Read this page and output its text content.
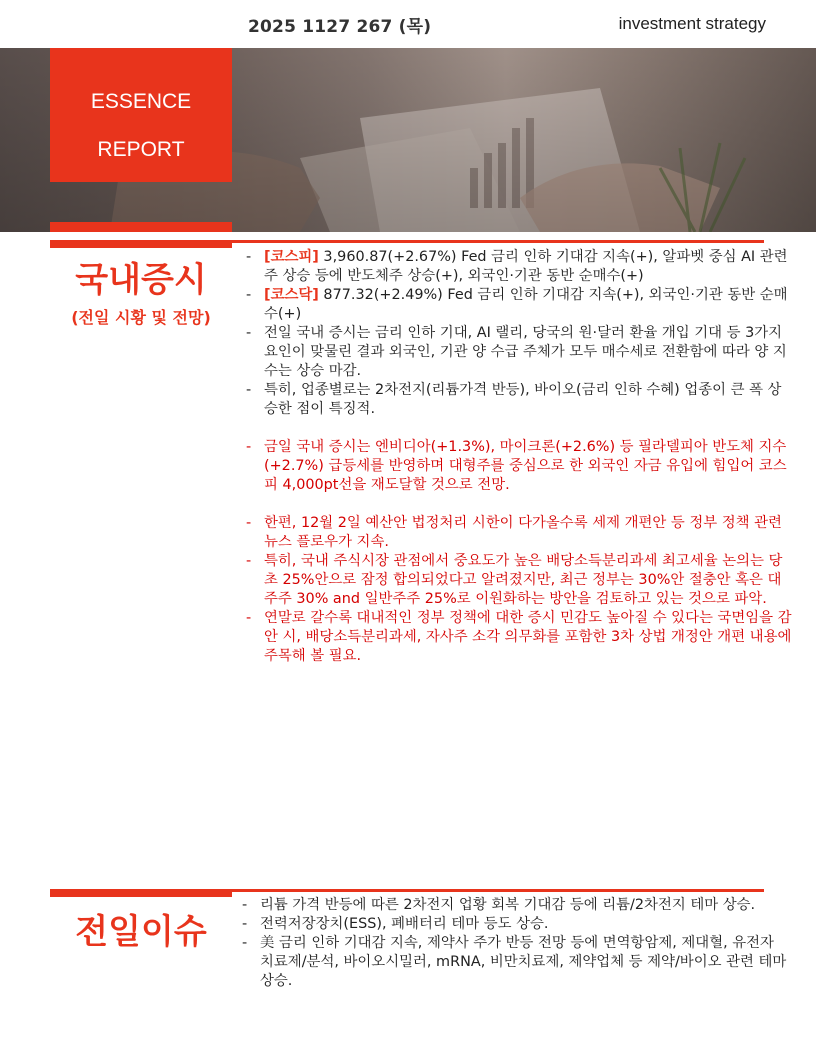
2025 1127 267 (목)	investment strategy
ESSENCE
REPORT
국내증시
(전일 시황 및 전망)
- [코스피] 3,960.87(+2.67%) Fed 금리 인하 기대감 지속(+), 알파벳 중심 AI 관련주 상승 등에 반도체주 상승(+), 외국인·기관 동반 순매수(+)
- [코스닥] 877.32(+2.49%) Fed 금리 인하 기대감 지속(+), 외국인·기관 동반 순매수(+)
- 전일 국내 증시는 금리 인하 기대, AI 랠리, 당국의 원·달러 환율 개입 기대 등 3가지 요인이 맞물린 결과 외국인, 기관 양 수급 주체가 모두 매수세로 전환함에 따라 양 지수는 상승 마감.
- 특히, 업종별로는 2차전지(리튬가격 반등), 바이오(금리 인하 수혜) 업종이 큰 폭 상승한 점이 특징적.
- 금일 국내 증시는 엔비디아(+1.3%), 마이크론(+2.6%) 등 필라델피아 반도체 지수(+2.7%) 급등세를 반영하며 대형주를 중심으로 한 외국인 자금 유입에 힘입어 코스피 4,000pt선을 재도달할 것으로 전망.
- 한편, 12월 2일 예산안 법정처리 시한이 다가올수록 세제 개편안 등 정부 정책 관련 뉴스 플로우가 지속.
- 특히, 국내 주식시장 관점에서 중요도가 높은 배당소득분리과세 최고세율 논의는 당초 25%안으로 잠정 합의되었다고 알려졌지만, 최근 정부는 30%안 절충안 혹은 대주주 30% and 일반주주 25%로 이원화하는 방안을 검토하고 있는 것으로 파악.
- 연말로 갈수록 대내적인 정부 정책에 대한 증시 민감도 높아질 수 있다는 국면임을 감안 시, 배당소득분리과세, 자사주 소각 의무화를 포함한 3차 상법 개정안 개편 내용에 주목해 볼 필요.
전일이슈
- 리튬 가격 반등에 따른 2차전지 업황 회복 기대감 등에 리튬/2차전지 테마 상승.
- 전력저장장치(ESS), 폐배터리 테마 등도 상승.
- 美 금리 인하 기대감 지속, 제약사 주가 반등 전망 등에 면역항암제, 제대혈, 유전자 치료제/분석, 바이오시밀러, mRNA, 비만치료제, 제약업체 등 제약/바이오 관련 테마 상승.
